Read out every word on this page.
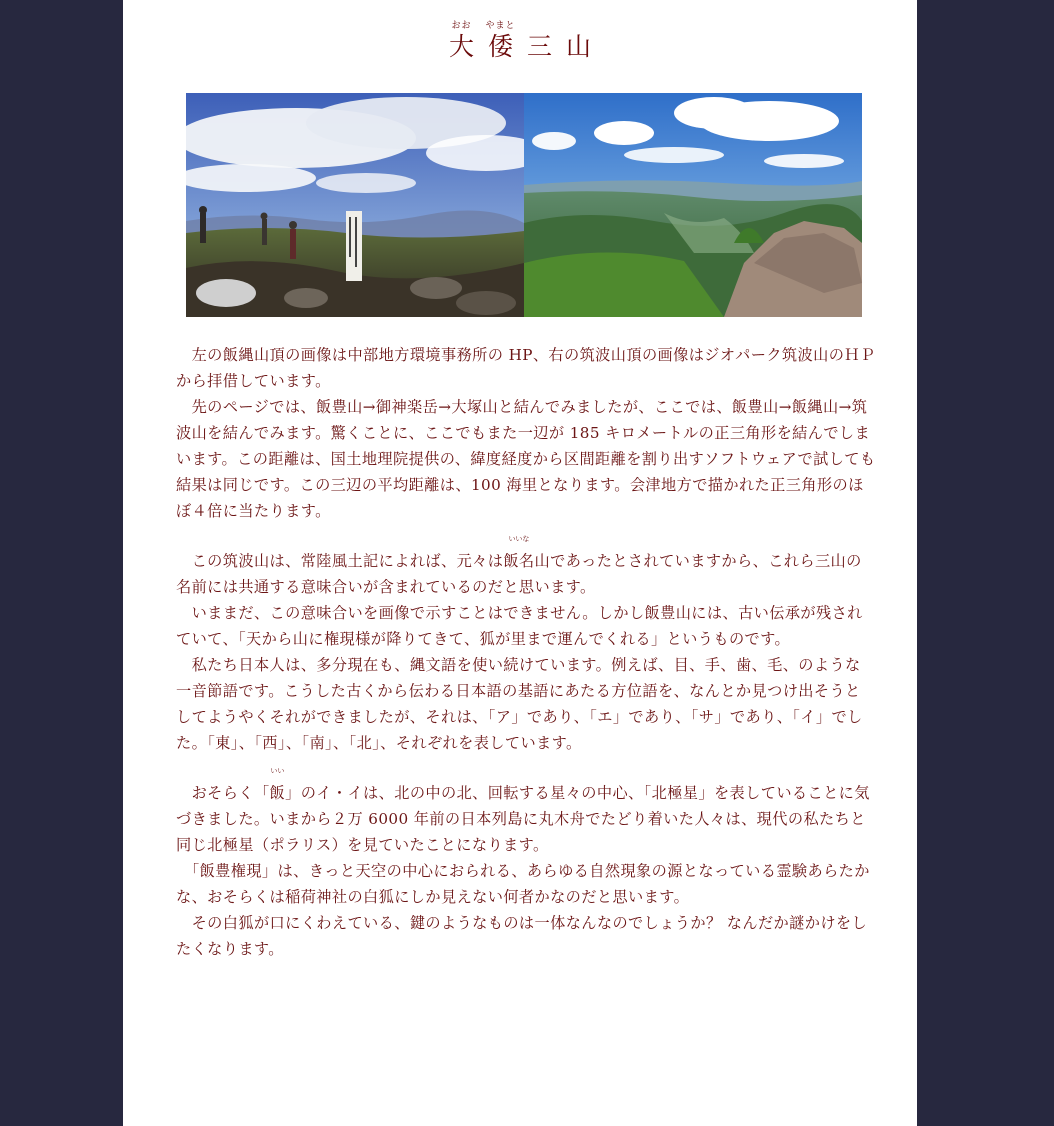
おお
大
やまと
倭 三 山

　左の飯縄山頂の画像は中部地方環境事務所の HP、右の筑波山頂の画像はジオパーク筑波山のＨＰから拝借しています。

　先のページでは、飯豊山→御神楽岳→大塚山と結んでみましたが、ここでは、飯豊山→飯縄山→筑波山を結んでみます。驚くことに、ここでもまた一辺が 185 キロメートルの正三角形を結んでしまいます。この距離は、国土地理院提供の、緯度経度から区間距離を割り出すソフトウェアで試しても結果は同じです。この三辺の平均距離は、100 海里となります。会津地方で描かれた正三角形のほぼ４倍に当たります。

　この筑波山は、常陸風土記によれば、元々は
いいな
飯名山であったとされていますから、これら三山の名前には共通する意味合いが含まれているのだと思います。

　いままだ、この意味合いを画像で示すことはできません。しかし飯豊山には、古い伝承が残されていて、「天から山に権現様が降りてきて、狐が里まで運んでくれる」というものです。

　私たち日本人は、多分現在も、縄文語を使い続けています。例えば、目、手、歯、毛、のような一音節語です。こうした古くから伝わる日本語の基語にあたる方位語を、なんとか見つけ出そうとしてようやくそれができましたが、それは、「ア」であり、「エ」であり、「サ」であり、「イ」でした。「東」、「西」、「南」、「北」、それぞれを表しています。

　おそらく「
いい
飯」のイ・イは、北の中の北、回転する星々の中心、「北極星」を表していることに気づきました。いまから２万 6000 年前の日本列島に丸木舟でたどり着いた人々は、現代の私たちと同じ北極星（ポラリス）を見ていたことになります。

　「飯豊権現」は、きっと天空の中心におられる、あらゆる自然現象の源となっている霊験あらたかな、おそらくは稲荷神社の白狐にしか見えない何者かなのだと思います。

　その白狐が口にくわえている、鍵のようなものは一体なんなのでしょうか？ なんだか謎かけをしたくなります。
